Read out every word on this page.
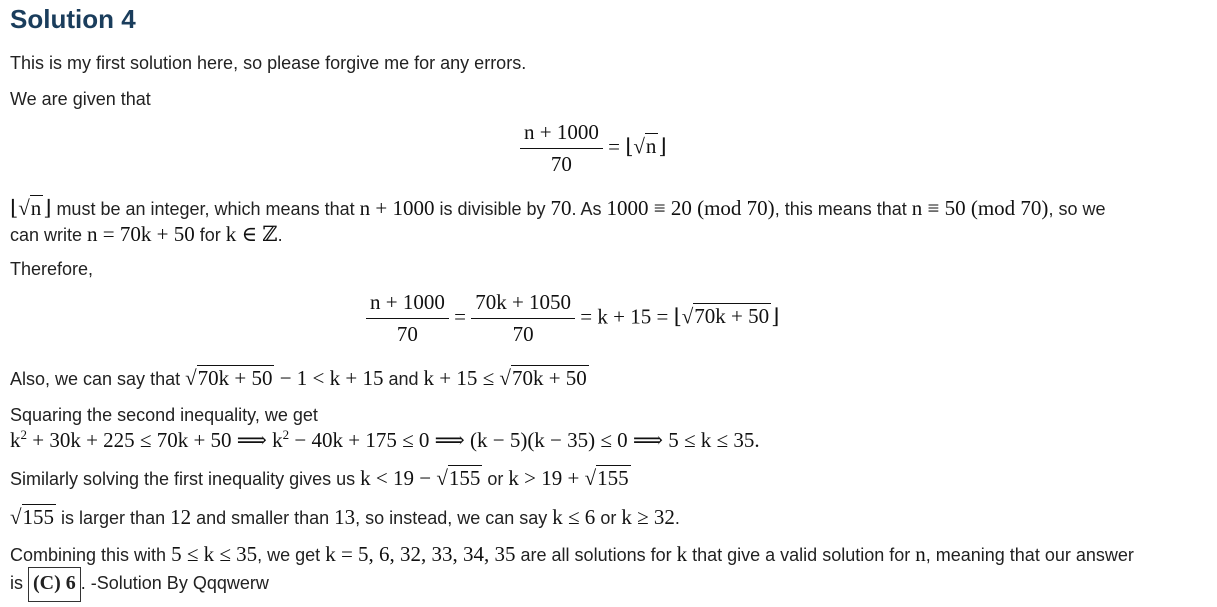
Solution 4
This is my first solution here, so please forgive me for any errors.
We are given that
$\frac{n + 1000}{70}$ = ⌊√n⌋
⌊√n⌋ must be an integer, which means that n + 1000 is divisible by 70. As 1000 ≡ 20 (mod 70), this means that n ≡ 50 (mod 70), so we
can write n = 70k + 50 for k ∈ ℤ.
Therefore,
$\frac{n + 1000}{70} = \frac{70k + 1050}{70} = k + 15$ = ⌊√70k + 50⌋
Also, we can say that √70k + 50 − 1 < k + 15 and k + 15 ≤ √70k + 50
Squaring the second inequality, we get
$k^2 + 30k + 225 \le 70k + 50$ ⟹ $k^2 - 40k + 175 \le 0$ ⟹ (k − 5)(k − 35) ≤ 0 ⟹ 5 ≤ k ≤ 35.
Similarly solving the first inequality gives us k < 19 − √155 or k > 19 + √155
√155 is larger than 12 and smaller than 13, so instead, we can say k ≤ 6 or k ≥ 32.
Combining this with 5 ≤ k ≤ 35, we get k = 5, 6, 32, 33, 34, 35 are all solutions for k that give a valid solution for n, meaning that our answer
is (C) 6 . -Solution By Qqqwerw
